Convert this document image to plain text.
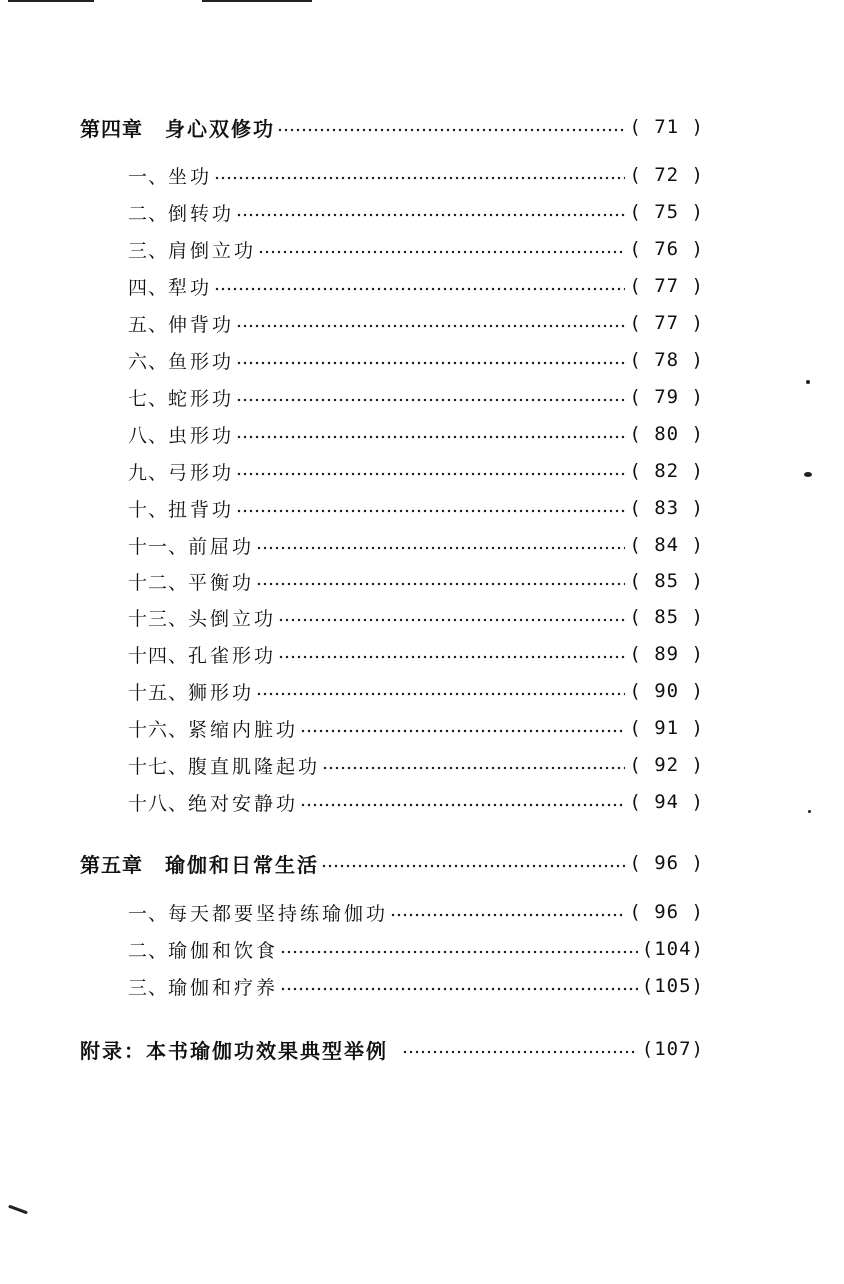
第四章 身心双修功	( 71 )
一、 坐功	( 72 )
二、 倒转功	( 75 )
三、 肩倒立功	( 76 )
四、 犁功	( 77 )
五、 伸背功	( 77 )
六、 鱼形功	( 78 )
七、 蛇形功	( 79 )
八、 虫形功	( 80 )
九、 弓形功	( 82 )
十、 扭背功	( 83 )
十一、 前屈功	( 84 )
十二、 平衡功	( 85 )
十三、 头倒立功	( 85 )
十四、 孔雀形功	( 89 )
十五、 狮形功	( 90 )
十六、 紧缩内脏功	( 91 )
十七、 腹直肌隆起功	( 92 )
十八、 绝对安静功	( 94 )
第五章 瑜伽和日常生活	( 96 )
一、 每天都要坚持练瑜伽功	( 96 )
二、 瑜伽和饮食	(104)
三、 瑜伽和疗养	(105)
附录：本书瑜伽功效果典型举例	(107)
